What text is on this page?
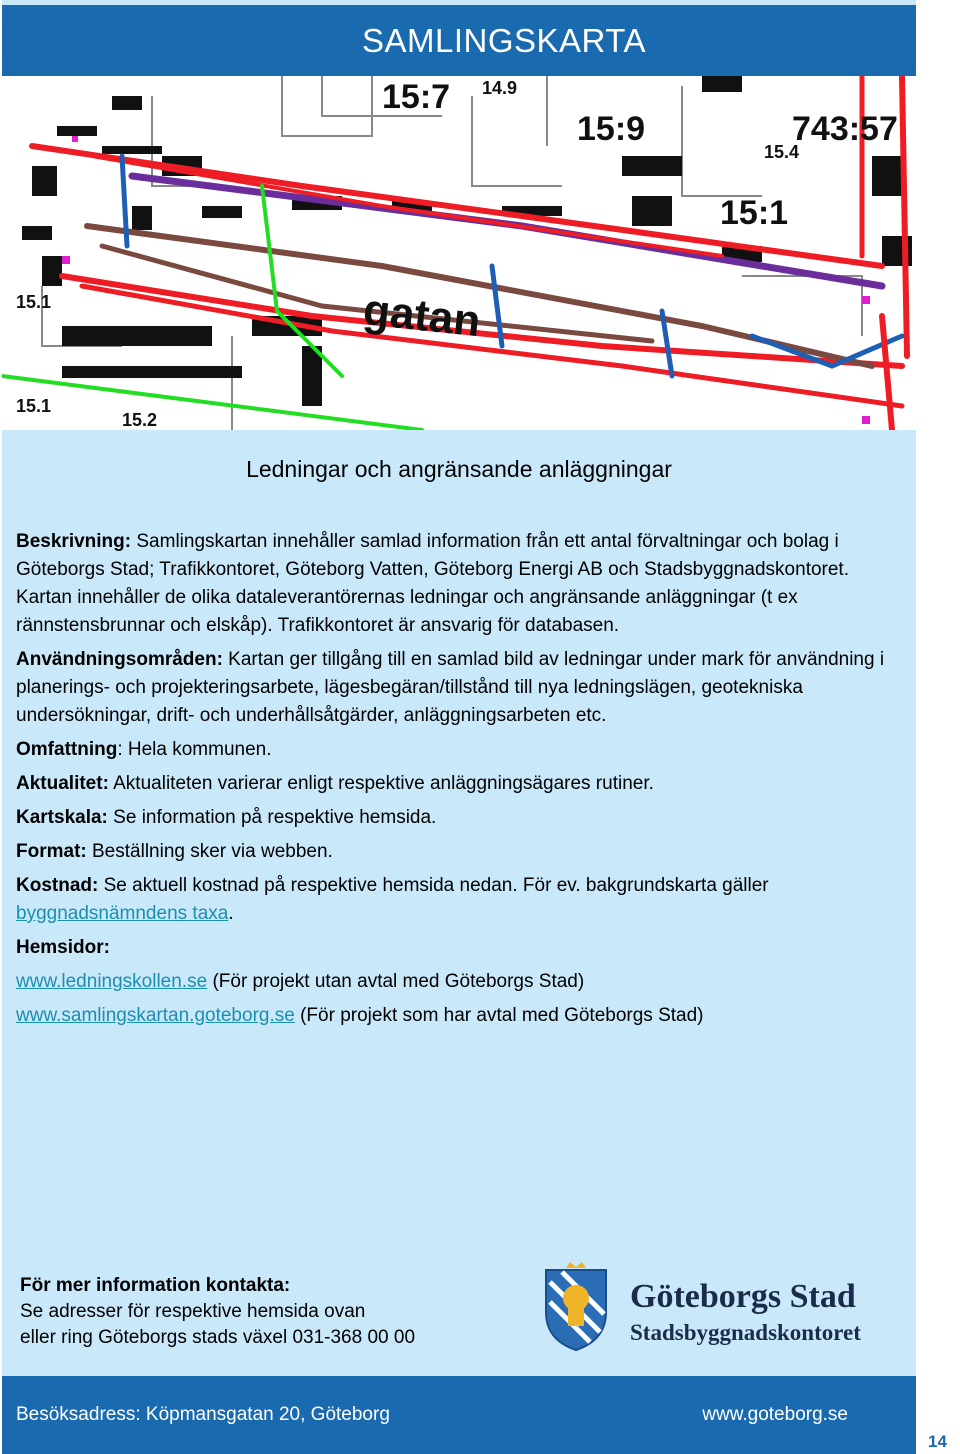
SAMLINGSKARTA
15:7
15:9	743:57
15:1
14.9
15.4
15.1
15.1
15.2
gatan
Ledningar och angränsande anläggningar

Beskrivning: Samlingskartan innehåller samlad information från ett antal förvaltningar och bolag i Göteborgs Stad; Trafikkontoret, Göteborg Vatten, Göteborg Energi AB och Stadsbyggnadskontoret. Kartan innehåller de olika dataleverantörernas ledningar och angränsande anläggningar (t ex rännstensbrunnar och elskåp). Trafikkontoret är ansvarig för databasen.

Användningsområden: Kartan ger tillgång till en samlad bild av ledningar under mark för användning i planerings- och projekteringsarbete, lägesbegäran/tillstånd till nya ledningslägen, geotekniska undersökningar, drift- och underhållsåtgärder, anläggningsarbeten etc.

Omfattning: Hela kommunen.

Aktualitet: Aktualiteten varierar enligt respektive anläggningsägares rutiner.

Kartskala: Se information på respektive hemsida.

Format: Beställning sker via webben.

Kostnad: Se aktuell kostnad på respektive hemsida nedan. För ev. bakgrundskarta gäller byggnadsnämndens taxa.

Hemsidor:

www.ledningskollen.se (För projekt utan avtal med Göteborgs Stad)

www.samlingskartan.goteborg.se (För projekt som har avtal med Göteborgs Stad)

För mer information kontakta:
Se adresser för respektive hemsida ovan
eller ring Göteborgs stads växel 031-368 00 00
Göteborgs Stad
Stadsbyggnadskontoret
Besöksadress: Köpmansgatan 20, Göteborg	www.goteborg.se
14
